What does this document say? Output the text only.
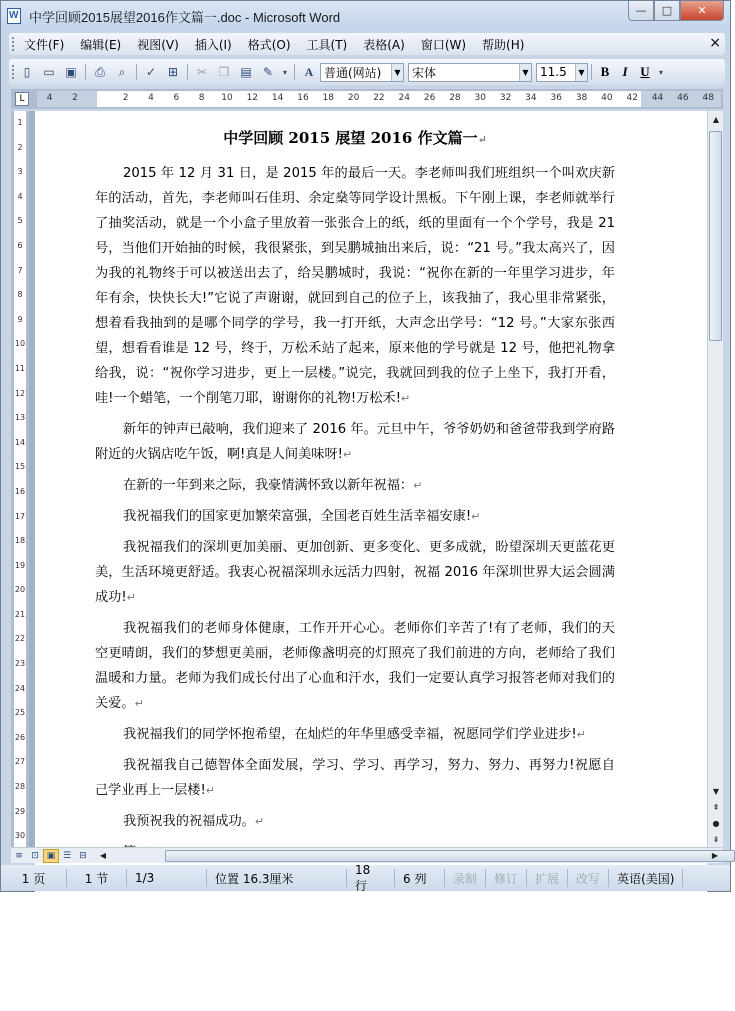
W
中学回顾2015展望2016作文篇一.doc - Microsoft Word	—	□	✕
文件(F)	编辑(E)	视图(V)	插入(I)	格式(O)	工具(T)	表格(A)	窗口(W)	帮助(H)	×
▯	▭ ▣	⎙	⌕	✓ ⊞	✂ ❐ ▤ ✎	▾	A 普通(网站)	▼ 宋体	▼ 11.5	▼	B	I U	▾
L	4	2	2	4	6	8	10	12	14	16	18	20	22	24	26	28	30	32	34	36	38	40	42	44	46	48
1
2
3
4
5
6
7
8
9
10
11
12
13
14
15
16
17
18
19
20
21
22
23
24
25
26
27
28
29
30
中学回顾 2015 展望 2016 作文篇一↵
2015 年 12 月 31 日，是 2015 年的最后一天。李老师叫我们班组织一个叫欢庆新年的活动，首先，李老师叫石佳玥、余定燊等同学设计黑板。下午刚上课，李老师就举行了抽奖活动，就是一个小盒子里放着一张张合上的纸，纸的里面有一个个学号，我是 21 号，当他们开始抽的时候，我很紧张，到吴鹏城抽出来后，说：“21 号。”我太高兴了，因为我的礼物终于可以被送出去了，给吴鹏城时，我说：“祝你在新的一年里学习进步，年年有余，快快长大!”它说了声谢谢，就回到自己的位子上，该我抽了，我心里非常紧张，想着看我抽到的是哪个同学的学号，我一打开纸，大声念出学号：“12 号。”大家东张西望，想看看谁是 12 号，终于，万松禾站了起来，原来他的学号就是 12 号，他把礼物拿给我，说：“祝你学习进步，更上一层楼。”说完，我就回到我的位子上坐下，我打开看，哇!一个蜡笔，一个削笔刀耶，谢谢你的礼物!万松禾!↵
新年的钟声已敲响，我们迎来了 2016 年。元旦中午，爷爷奶奶和爸爸带我到学府路附近的火锅店吃午饭，啊!真是人间美味呀!↵
在新的一年到来之际，我豪情满怀致以新年祝福：↵
我祝福我们的国家更加繁荣富强，全国老百姓生活幸福安康!↵
我祝福我们的深圳更加美丽、更加创新、更多变化、更多成就，盼望深圳天更蓝花更美，生活环境更舒适。我衷心祝福深圳永远活力四射，祝福 2016 年深圳世界大运会圆满成功!↵
我祝福我们的老师身体健康，工作开开心心。老师你们辛苦了!有了老师，我们的天空更晴朗，我们的梦想更美丽，老师像盏明亮的灯照亮了我们前进的方向，老师给了我们温暖和力量。老师为我们成长付出了心血和汗水，我们一定要认真学习报答老师对我们的关爱。↵
我祝福我们的同学怀抱希望，在灿烂的年华里感受幸福，祝愿同学们学业进步!↵
我祝福我自己德智体全面发展，学习、学习、再学习，努力、努力、再努力!祝愿自己学业再上一层楼!↵
我预祝我的祝福成功。↵
▲
▼
⇞
●
⇟
≡ ⊡ ▣ ☰ ⊟	◀	▶
1 页	1 节	1/3	位置 16.3厘米
18 行	6 列	录制	修订	扩展	改写	英语(美国)
